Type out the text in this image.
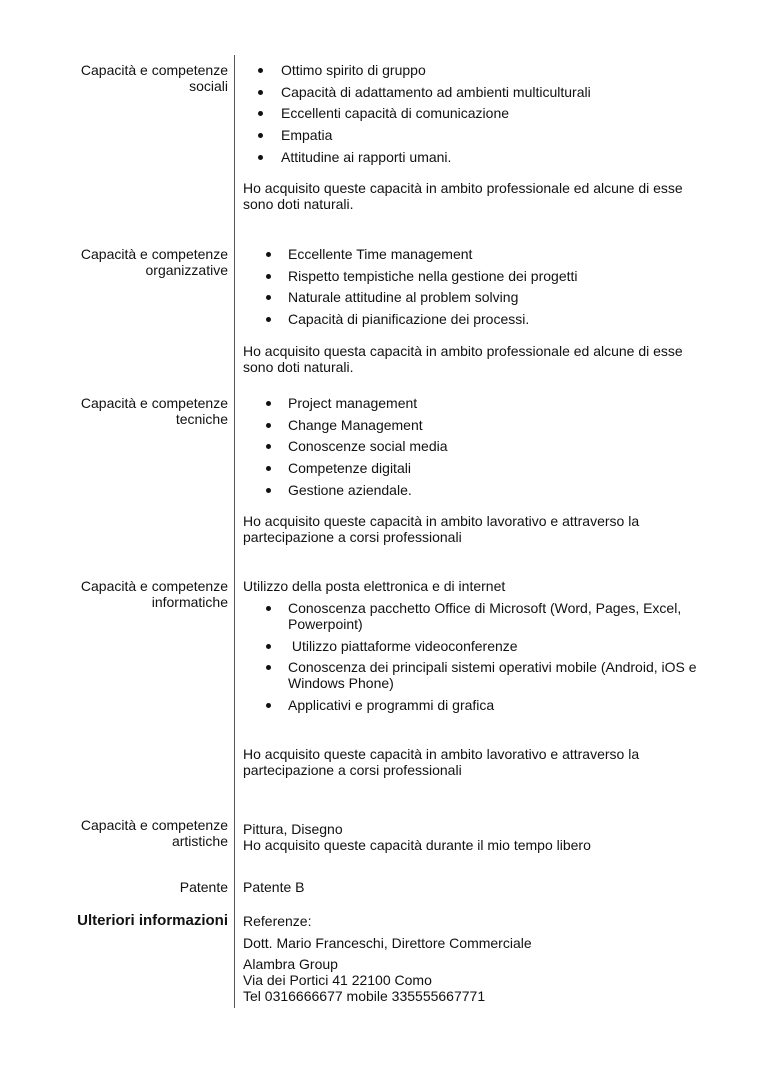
Capacità e competenze
sociali
Ottimo spirito di gruppo
Capacità di adattamento ad ambienti multiculturali
Eccellenti capacità di comunicazione
Empatia
Attitudine ai rapporti umani.

Ho acquisito queste capacità in ambito professionale ed alcune di esse sono doti naturali.

Capacità e competenze
organizzative
Eccellente Time management
Rispetto tempistiche nella gestione dei progetti
Naturale attitudine al problem solving
Capacità di pianificazione dei processi.

Ho acquisito questa capacità in ambito professionale ed alcune di esse sono doti naturali.

Capacità e competenze
tecniche
Project management
Change Management
Conoscenze social media
Competenze digitali
Gestione aziendale.

Ho acquisito queste capacità in ambito lavorativo e attraverso la partecipazione a corsi professionali

Capacità e competenze
informatiche

Utilizzo della posta elettronica e di internet

Conoscenza pacchetto Office di Microsoft (Word, Pages, Excel, Powerpoint)
Utilizzo piattaforme videoconferenze
Conoscenza dei principali sistemi operativi mobile (Android, iOS e Windows Phone)
Applicativi e programmi di grafica

Ho acquisito queste capacità in ambito lavorativo e attraverso la partecipazione a corsi professionali

Capacità e competenze
artistiche
Pittura, Disegno
Ho acquisito queste capacità durante il mio tempo libero
Patente Patente B
Ulteriori informazioni Referenze:
Dott. Mario Franceschi, Direttore Commerciale
Alambra Group
Via dei Portici 41 22100 Como
Tel 0316666677 mobile 335555667771
